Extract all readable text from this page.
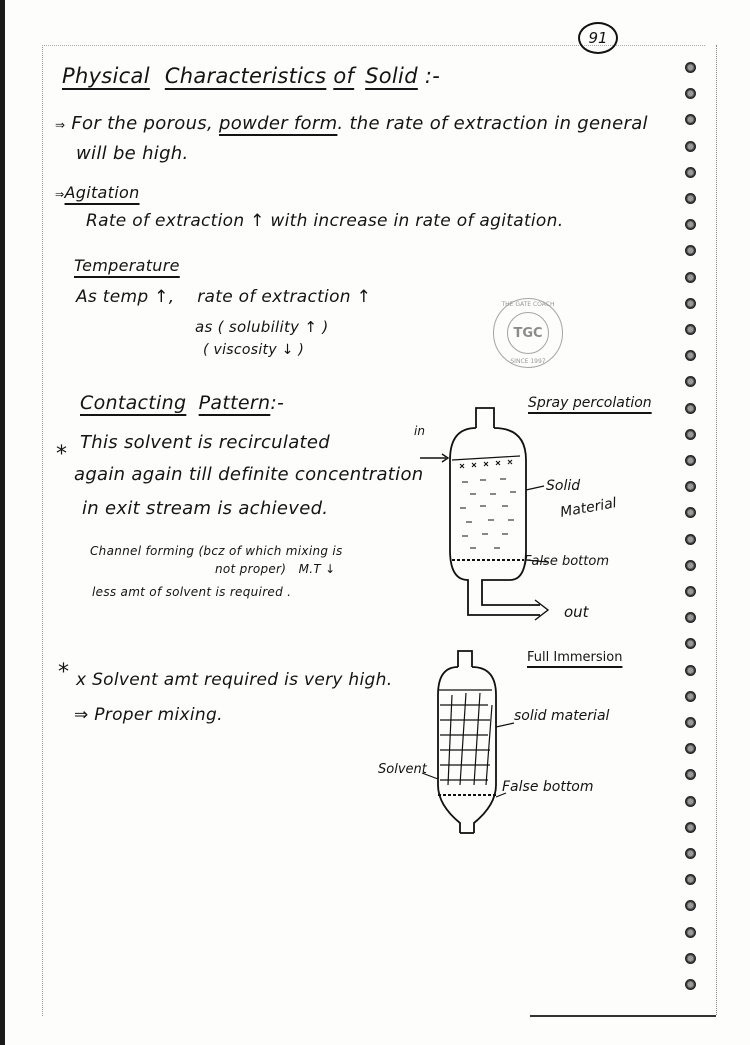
91
Physical Characteristics of Solid :-
⇒ For the porous, powder form. the rate of extraction in general
will be high.
⇒Agitation
Rate of extraction ↑ with increase in rate of agitation.
Temperature
As temp ↑,    rate of extraction ↑
as ( solubility ↑ )
( viscosity ↓ )
THE GATE COACH
TGC
SINCE 1997
Contacting Pattern:-
* This solvent is recirculated
again again till definite concentration
in exit stream is achieved.
Channel forming (bcz of which mixing is
not proper)   M.T ↓
less amt of solvent is required .
Spray percolation
in
Solid
Material
False bottom
out
* x Solvent amt required is very high.
⇒ Proper mixing.
Full Immersion
solid material
Solvent
False bottom
